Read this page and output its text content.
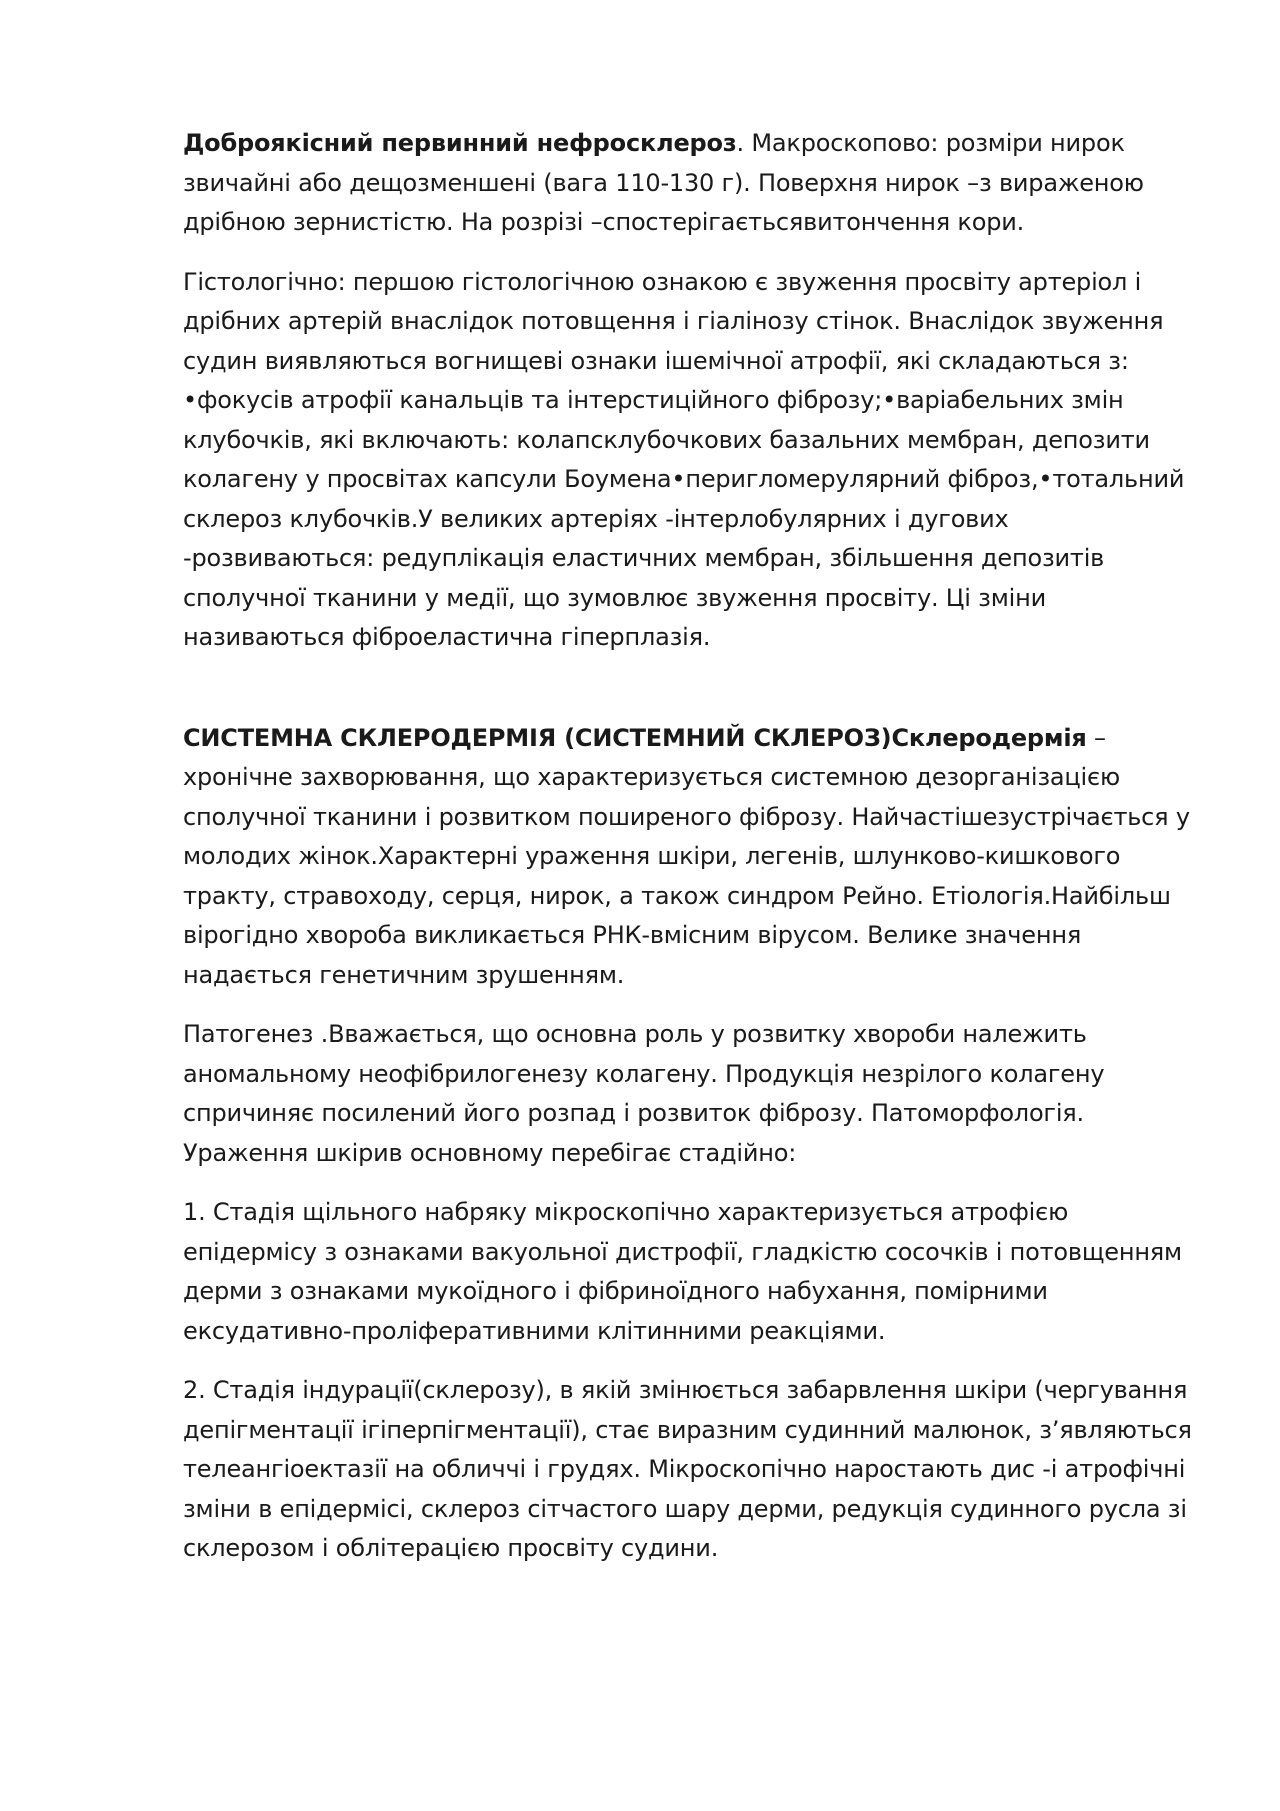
Доброякісний первинний нефросклероз. Макроскопово: розміри нирок звичайні або дещозменшені (вага 110-130 г). Поверхня нирок –з вираженою дрібною зернистістю. На розрізі –спостерігаєтьсявитончення кори.

Гістологічно: першою гістологічною ознакою є звуження просвіту артеріол і дрібних артерій внаслідок потовщення і гіалінозу стінок. Внаслідок звуження судин виявляються вогнищеві ознаки ішемічної атрофії, які складаються з: •фокусів атрофії канальців та інтерстиційного фіброзу;•варіабельних змін клубочків, які включають: колапсклубочкових базальних мембран, депозити колагену у просвітах капсули Боумена•перигломерулярний фіброз,•тотальний склероз клубочків.У великих артеріях -інтерлобулярних і дугових -розвиваються: редуплікація еластичних мембран, збільшення депозитів сполучної тканини у медії, що зумовлює звуження просвіту. Ці зміни називаються фіброеластична гіперплазія.

СИСТЕМНА СКЛЕРОДЕРМІЯ (СИСТЕМНИЙ СКЛЕРОЗ)Склеродермія –хронічне захворювання, що характеризується системною дезорганізацією сполучної тканини і розвитком поширеного фіброзу. Найчастішезустрічається у молодих жінок.Характерні ураження шкіри, легенів, шлунково-кишкового тракту, стравоходу, серця, нирок, а також синдром Рейно. Етіологія.Найбільш вірогідно хвороба викликається РНК-вмісним вірусом. Велике значення надається генетичним зрушенням.

Патогенез .Вважається, що основна роль у розвитку хвороби належить аномальному неофібрилогенезу колагену. Продукція незрілого колагену спричиняє посилений його розпад і розвиток фіброзу. Патоморфологія. Ураження шкірив основному перебігає стадійно:

1. Стадія щільного набряку мікроскопічно характеризується атрофією епідермісу з ознаками вакуольної дистрофії, гладкістю сосочків і потовщенням дерми з ознаками мукоїдного і фібриноїдного набухання, помірними ексудативно-проліферативними клітинними реакціями.

2. Стадія індурації(склерозу), в якій змінюється забарвлення шкіри (чергування депігментації ігіперпігментації), стає виразним судинний малюнок, з’являються телеангіоектазії на обличчі і грудях. Мікроскопічно наростають дис -і атрофічні зміни в епідермісі, склероз сітчастого шару дерми, редукція судинного русла зі склерозом і облітерацією просвіту судини.
